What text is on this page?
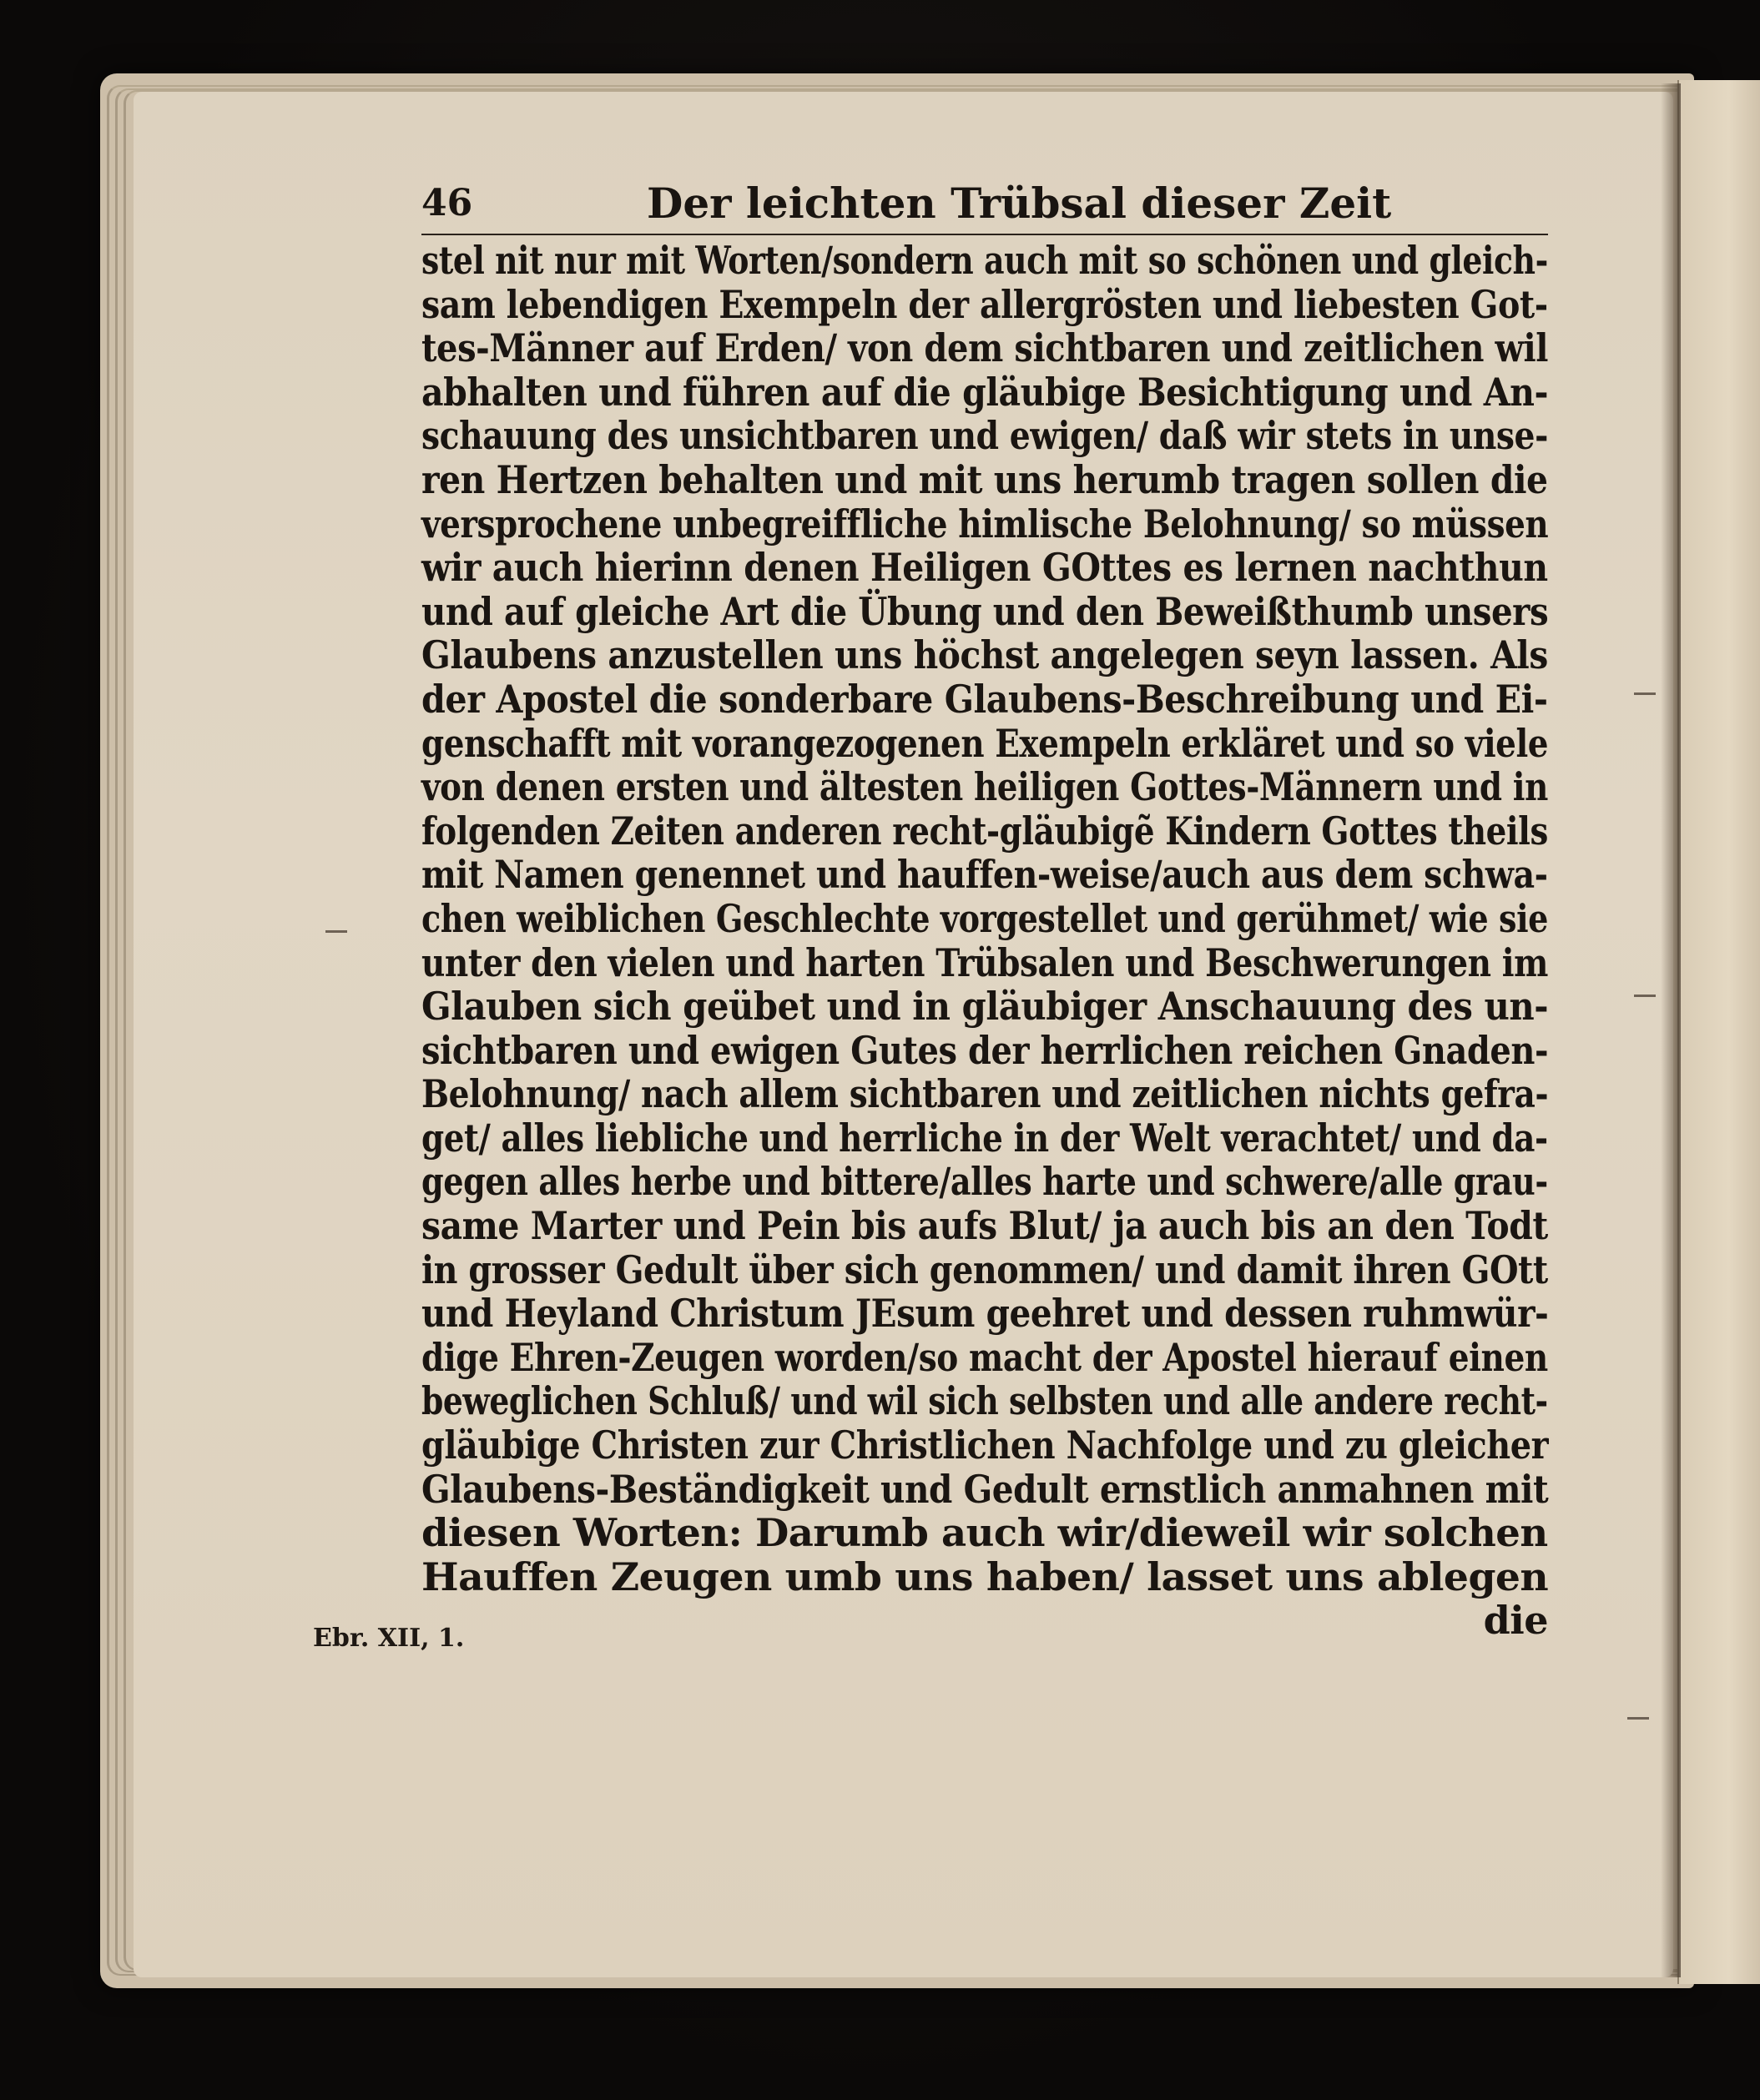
46	Der leichten Trübsal dieser Zeit
stel nit nur mit Worten/sondern auch mit so schönen und gleich-
sam lebendigen Exempeln der allergrösten und liebesten Got-
tes-Männer auf Erden/ von dem sichtbaren und zeitlichen wil
abhalten und führen auf die gläubige Besichtigung und An-
schauung des unsichtbaren und ewigen/ daß wir stets in unse-
ren Hertzen behalten und mit uns herumb tragen sollen die
versprochene unbegreiffliche himlische Belohnung/ so müssen
wir auch hierinn denen Heiligen GOttes es lernen nachthun
und auf gleiche Art die Übung und den Beweißthumb unsers
Glaubens anzustellen uns höchst angelegen seyn lassen. Als
der Apostel die sonderbare Glaubens-Beschreibung und Ei-
genschafft mit vorangezogenen Exempeln erkläret und so viele
von denen ersten und ältesten heiligen Gottes-Männern und in
folgenden Zeiten anderen recht-gläubigẽ Kindern Gottes theils
mit Namen genennet und hauffen-weise/auch aus dem schwa-
chen weiblichen Geschlechte vorgestellet und gerühmet/ wie sie
unter den vielen und harten Trübsalen und Beschwerungen im
Glauben sich geübet und in gläubiger Anschauung des un-
sichtbaren und ewigen Gutes der herrlichen reichen Gnaden-
Belohnung/ nach allem sichtbaren und zeitlichen nichts gefra-
get/ alles liebliche und herrliche in der Welt verachtet/ und da-
gegen alles herbe und bittere/alles harte und schwere/alle grau-
same Marter und Pein bis aufs Blut/ ja auch bis an den Todt
in grosser Gedult über sich genommen/ und damit ihren GOtt
und Heyland Christum JEsum geehret und dessen ruhmwür-
dige Ehren-Zeugen worden/so macht der Apostel hierauf einen
beweglichen Schluß/ und wil sich selbsten und alle andere recht-
gläubige Christen zur Christlichen Nachfolge und zu gleicher
Glaubens-Beständigkeit und Gedult ernstlich anmahnen mit
diesen Worten: Darumb auch wir/dieweil wir solchen
Hauffen Zeugen umb uns haben/ lasset uns ablegen
die
Ebr. XII, 1.
